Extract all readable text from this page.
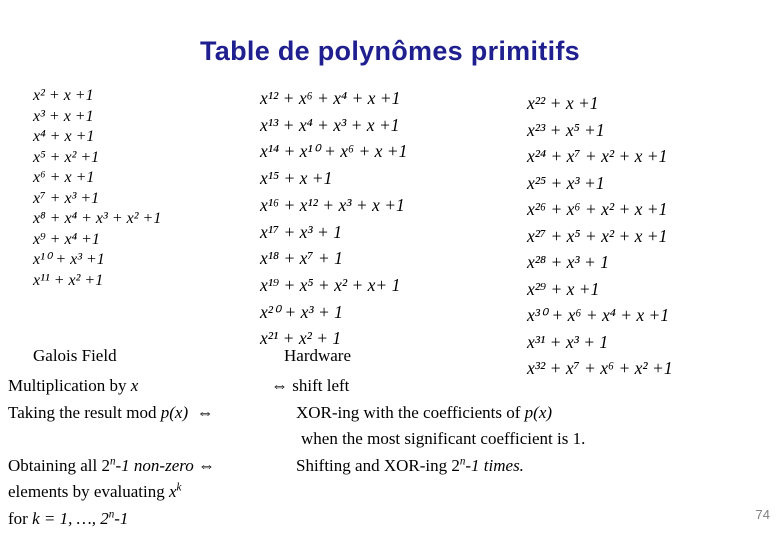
Table de polynômes primitifs
x² + x +1
x³ + x +1
x⁴ + x +1
x⁵ + x² +1
x⁶ + x +1
x⁷ + x³ +1
x⁸ + x⁴ + x³ + x² +1
x⁹ + x⁴ +1
x¹⁰ + x³ +1
x¹¹ + x² +1
x¹² + x⁶ + x⁴ + x +1
x¹³ + x⁴ + x³ + x +1
x¹⁴ + x¹⁰ + x⁶ + x +1
x¹⁵ + x +1
x¹⁶ + x¹² + x³ + x +1
x¹⁷ + x³ + 1
x¹⁸ + x⁷ + 1
x¹⁹ + x⁵ + x² + x+ 1
x²⁰ + x³ + 1
x²¹ + x² + 1
x²² + x +1
x²³ + x⁵ +1
x²⁴ + x⁷ + x² + x +1
x²⁵ + x³ +1
x²⁶ + x⁶ + x² + x +1
x²⁷ + x⁵ + x² + x +1
x²⁸ + x³ + 1
x²⁹ + x +1
x³⁰ + x⁶ + x⁴ + x +1
x³¹ + x³ + 1
x³² + x⁷ + x⁶ + x² +1
Galois Field	Hardware
Multiplication by x	⇔ shift left
Taking the result mod p(x) ⇔	XOR-ing with the coefficients of p(x)
when the most significant coefficient is 1.
Obtaining all 2$^n$-1 non-zero ⇔	Shifting and XOR-ing 2$^n$-1 times.
elements by evaluating $x^k$
for k = 1, …, 2$^n$-1	74
